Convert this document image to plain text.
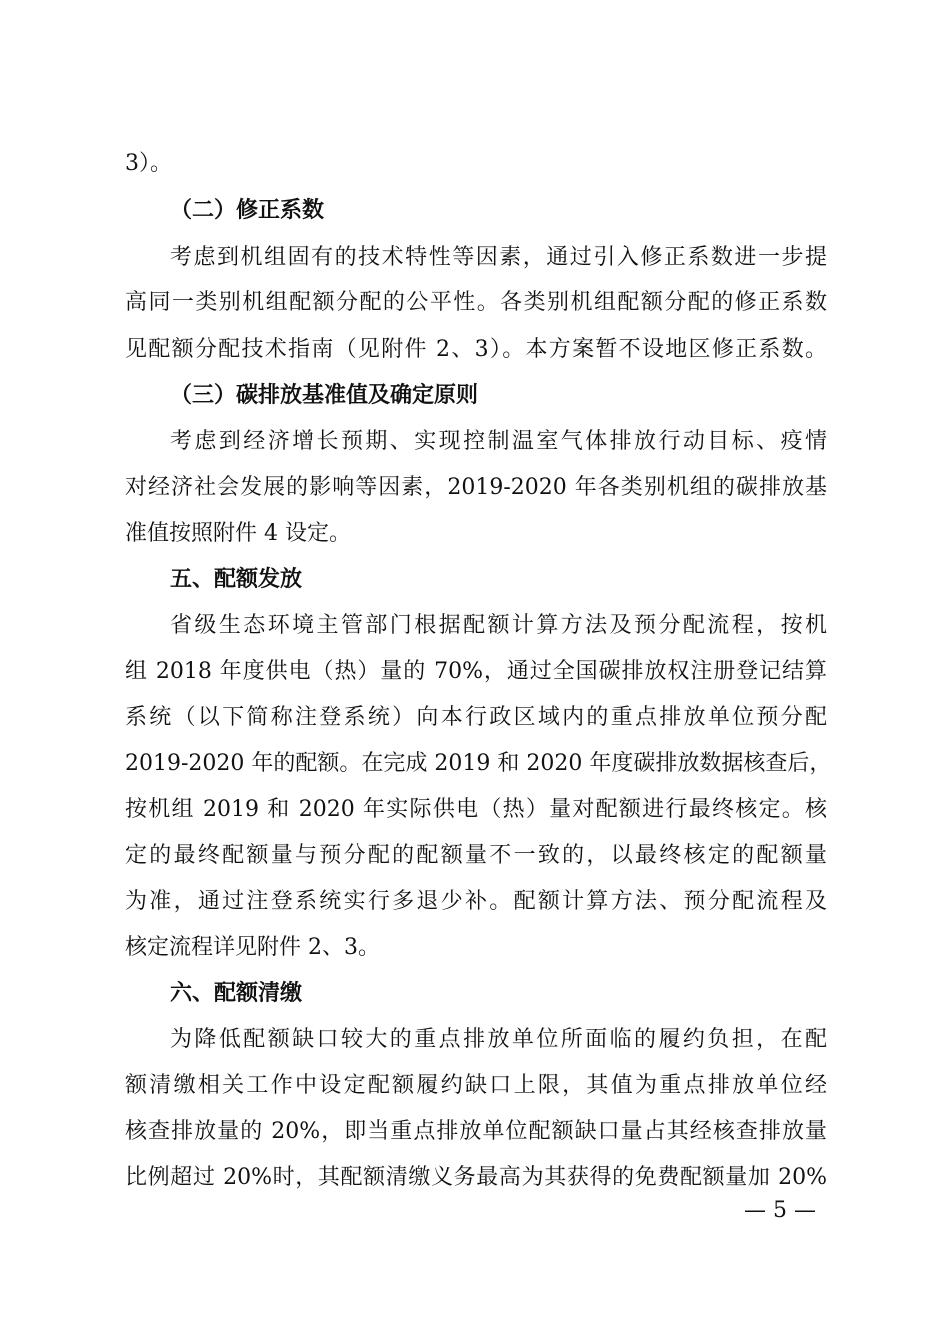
3）。
（二）修正系数
考虑到机组固有的技术特性等因素，通过引入修正系数进一步提
高同一类别机组配额分配的公平性。各类别机组配额分配的修正系数
见配额分配技术指南（见附件 2、3）。本方案暂不设地区修正系数。
（三）碳排放基准值及确定原则
考虑到经济增长预期、实现控制温室气体排放行动目标、疫情
对经济社会发展的影响等因素，2019-2020 年各类别机组的碳排放基
准值按照附件 4 设定。
五、配额发放
省级生态环境主管部门根据配额计算方法及预分配流程，按机
组 2018 年度供电（热）量的 70%，通过全国碳排放权注册登记结算
系统（以下简称注登系统）向本行政区域内的重点排放单位预分配
2019-2020 年的配额。在完成 2019 和 2020 年度碳排放数据核查后，
按机组 2019 和 2020 年实际供电（热）量对配额进行最终核定。核
定的最终配额量与预分配的配额量不一致的，以最终核定的配额量
为准，通过注登系统实行多退少补。配额计算方法、预分配流程及
核定流程详见附件 2、3。
六、配额清缴
为降低配额缺口较大的重点排放单位所面临的履约负担，在配
额清缴相关工作中设定配额履约缺口上限，其值为重点排放单位经
核查排放量的 20%，即当重点排放单位配额缺口量占其经核查排放量
比例超过 20%时，其配额清缴义务最高为其获得的免费配额量加 20%
— 5 —
